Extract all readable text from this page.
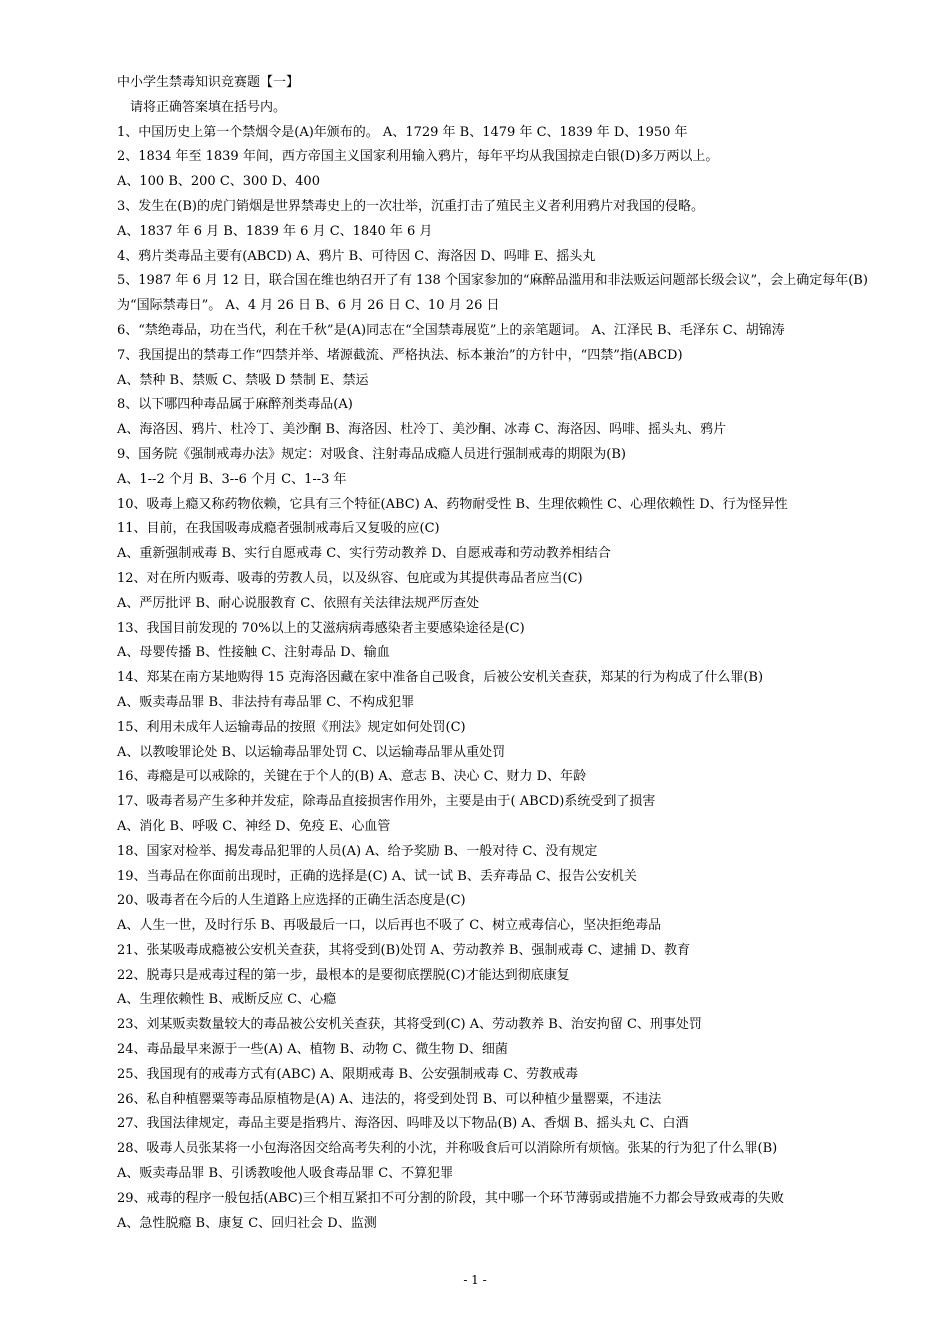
中小学生禁毒知识竞赛题【一】
请将正确答案填在括号内。
1、中国历史上第一个禁烟令是(A)年颁布的。 A、1729 年 B、1479 年 C、1839 年 D、1950 年
2、1834 年至 1839 年间，西方帝国主义国家利用输入鸦片，每年平均从我国掠走白银(D)多万两以上。
A、100 B、200 C、300 D、400
3、发生在(B)的虎门销烟是世界禁毒史上的一次壮举，沉重打击了殖民主义者利用鸦片对我国的侵略。
A、1837 年 6 月 B、1839 年 6 月 C、1840 年 6 月
4、鸦片类毒品主要有(ABCD) A、鸦片 B、可待因 C、海洛因 D、吗啡 E、摇头丸
5、1987 年 6 月 12 日，联合国在维也纳召开了有 138 个国家参加的“麻醉品滥用和非法贩运问题部长级会议”，会上确定每年(B)为“国际禁毒日”。 A、4 月 26 日 B、6 月 26 日 C、10 月 26 日
6、“禁绝毒品，功在当代，利在千秋”是(A)同志在“全国禁毒展览”上的亲笔题词。 A、江泽民 B、毛泽东 C、胡锦涛
7、我国提出的禁毒工作“四禁并举、堵源截流、严格执法、标本兼治”的方针中，“四禁”指(ABCD)
A、禁种 B、禁贩 C、禁吸 D 禁制 E、禁运
8、以下哪四种毒品属于麻醉剂类毒品(A)
A、海洛因、鸦片、杜冷丁、美沙酮 B、海洛因、杜冷丁、美沙酮、冰毒 C、海洛因、吗啡、摇头丸、鸦片
9、国务院《强制戒毒办法》规定：对吸食、注射毒品成瘾人员进行强制戒毒的期限为(B)
A、1--2 个月 B、3--6 个月 C、1--3 年
10、吸毒上瘾又称药物依赖，它具有三个特征(ABC) A、药物耐受性 B、生理依赖性 C、心理依赖性 D、行为怪异性
11、目前，在我国吸毒成瘾者强制戒毒后又复吸的应(C)
A、重新强制戒毒 B、实行自愿戒毒 C、实行劳动教养 D、自愿戒毒和劳动教养相结合
12、对在所内贩毒、吸毒的劳教人员，以及纵容、包庇或为其提供毒品者应当(C)
A、严厉批评 B、耐心说服教育 C、依照有关法律法规严厉查处
13、我国目前发现的 70%以上的艾滋病病毒感染者主要感染途径是(C)
A、母婴传播 B、性接触 C、注射毒品 D、输血
14、郑某在南方某地购得 15 克海洛因藏在家中准备自己吸食，后被公安机关查获，郑某的行为构成了什么罪(B)
A、贩卖毒品罪 B、非法持有毒品罪 C、不构成犯罪
15、利用未成年人运输毒品的按照《刑法》规定如何处罚(C)
A、以教唆罪论处 B、以运输毒品罪处罚 C、以运输毒品罪从重处罚
16、毒瘾是可以戒除的，关键在于个人的(B) A、意志 B、决心 C、财力 D、年龄
17、吸毒者易产生多种并发症，除毒品直接损害作用外，主要是由于( ABCD)系统受到了损害
A、消化 B、呼吸 C、神经 D、免疫 E、心血管
18、国家对检举、揭发毒品犯罪的人员(A) A、给予奖励 B、一般对待 C、没有规定
19、当毒品在你面前出现时，正确的选择是(C) A、试一试 B、丢弃毒品 C、报告公安机关
20、吸毒者在今后的人生道路上应选择的正确生活态度是(C)
A、人生一世，及时行乐 B、再吸最后一口，以后再也不吸了 C、树立戒毒信心，坚决拒绝毒品
21、张某吸毒成瘾被公安机关查获，其将受到(B)处罚 A、劳动教养 B、强制戒毒 C、逮捕 D、教育
22、脱毒只是戒毒过程的第一步，最根本的是要彻底摆脱(C)才能达到彻底康复
A、生理依赖性 B、戒断反应 C、心瘾
23、刘某贩卖数量较大的毒品被公安机关查获，其将受到(C) A、劳动教养 B、治安拘留 C、刑事处罚
24、毒品最早来源于一些(A) A、植物 B、动物 C、微生物 D、细菌
25、我国现有的戒毒方式有(ABC) A、限期戒毒 B、公安强制戒毒 C、劳教戒毒
26、私自种植罂粟等毒品原植物是(A) A、违法的，将受到处罚 B、可以种植少量罂粟，不违法
27、我国法律规定，毒品主要是指鸦片、海洛因、吗啡及以下物品(B) A、香烟 B、摇头丸 C、白酒
28、吸毒人员张某将一小包海洛因交给高考失利的小沈，并称吸食后可以消除所有烦恼。张某的行为犯了什么罪(B)
A、贩卖毒品罪 B、引诱教唆他人吸食毒品罪 C、不算犯罪
29、戒毒的程序一般包括(ABC)三个相互紧扣不可分割的阶段，其中哪一个环节薄弱或措施不力都会导致戒毒的失败
A、急性脱瘾 B、康复 C、回归社会 D、监测
- 1 -
